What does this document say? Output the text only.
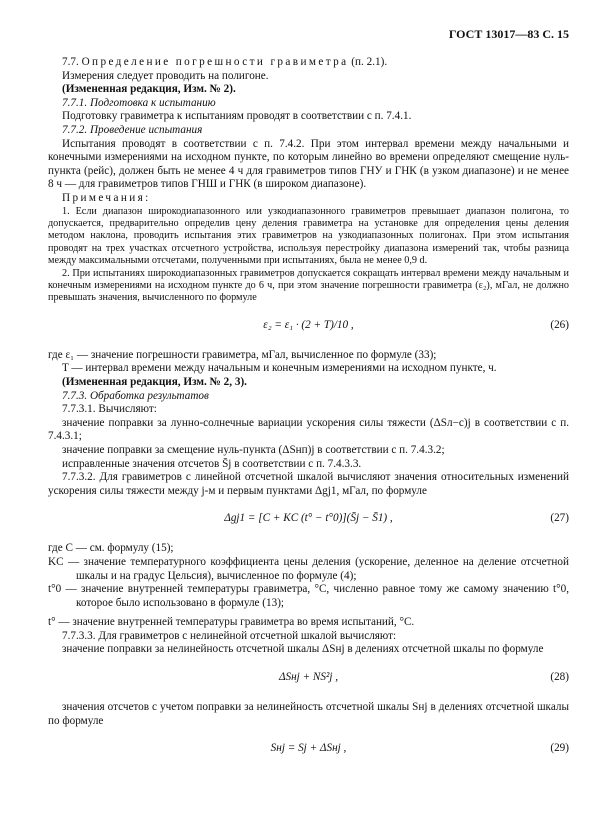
ГОСТ 13017—83 С. 15

7.7. Определение погрешности гравиметра (п. 2.1).

Измерения следует проводить на полигоне.

(Измененная редакция, Изм. № 2).

7.7.1. Подготовка к испытанию

Подготовку гравиметра к испытаниям проводят в соответствии с п. 7.4.1.

7.7.2. Проведение испытания

Испытания проводят в соответствии с п. 7.4.2. При этом интервал времени между начальными и конечными измерениями на исходном пункте, по которым линейно во времени определяют смещение нуль-пункта (рейс), должен быть не менее 4 ч для гравиметров типов ГНУ и ГНК (в узком диапазоне) и не менее 8 ч — для гравиметров типов ГНШ и ГНК (в широком диапазоне).

Примечания:

1. Если диапазон широкодиапазонного или узкодиапазонного гравиметров превышает диапазон полигона, то допускается, предварительно определив цену деления гравиметра на установке для определения цены деления методом наклона, проводить испытания этих гравиметров на узкодиапазонных полигонах. При этом испытания проводят на трех участках отсчетного устройства, используя перестройку диапазона измерений так, чтобы разница между максимальными отсчетами, полученными при испытаниях, была не менее 0,9 d.

2. При испытаниях широкодиапазонных гравиметров допускается сокращать интервал времени между начальным и конечным измерениями на исходном пункте до 6 ч, при этом значение погрешности гравиметра (ε₂), мГал, не должно превышать значения, вычисленного по формуле

ε₂ = ε₁ · (2 + T)/10 ,	(26)

где ε₁ — значение погрешности гравиметра, мГал, вычисленное по формуле (33);

T — интервал времени между начальным и конечным измерениями на исходном пункте, ч.

(Измененная редакция, Изм. № 2, 3).

7.7.3. Обработка результатов

7.7.3.1. Вычисляют:

значение поправки за лунно-солнечные вариации ускорения силы тяжести (ΔSл−с)j в соответствии с п. 7.4.3.1;

значение поправки за смещение нуль-пункта (ΔSнп)j в соответствии с п. 7.4.3.2;

исправленные значения отсчетов S̄j в соответствии с п. 7.4.3.3.

7.7.3.2. Для гравиметров с линейной отсчетной шкалой вычисляют значения относительных изменений ускорения силы тяжести между j-м и первым пунктами Δgj1, мГал, по формуле

Δgj1 = [C + KC (t° − t°0)](S̄j − S̄1) ,	(27)

где C — см. формулу (15);

KC — значение температурного коэффициента цены деления (ускорение, деленное на деление отсчетной шкалы и на градус Цельсия), вычисленное по формуле (4);

t°0 — значение внутренней температуры гравиметра, °С, численно равное тому же самому значению t°0, которое было использовано в формуле (13);

t° — значение внутренней температуры гравиметра во время испытаний, °С.

7.7.3.3. Для гравиметров с нелинейной отсчетной шкалой вычисляют:

значение поправки за нелинейность отсчетной шкалы ΔSнj в делениях отсчетной шкалы по формуле

ΔSнj + NS²j ,	(28)

значения отсчетов с учетом поправки за нелинейность отсчетной шкалы Sнj в делениях отсчетной шкалы по формуле

Sнj = Sj + ΔSнj ,	(29)
